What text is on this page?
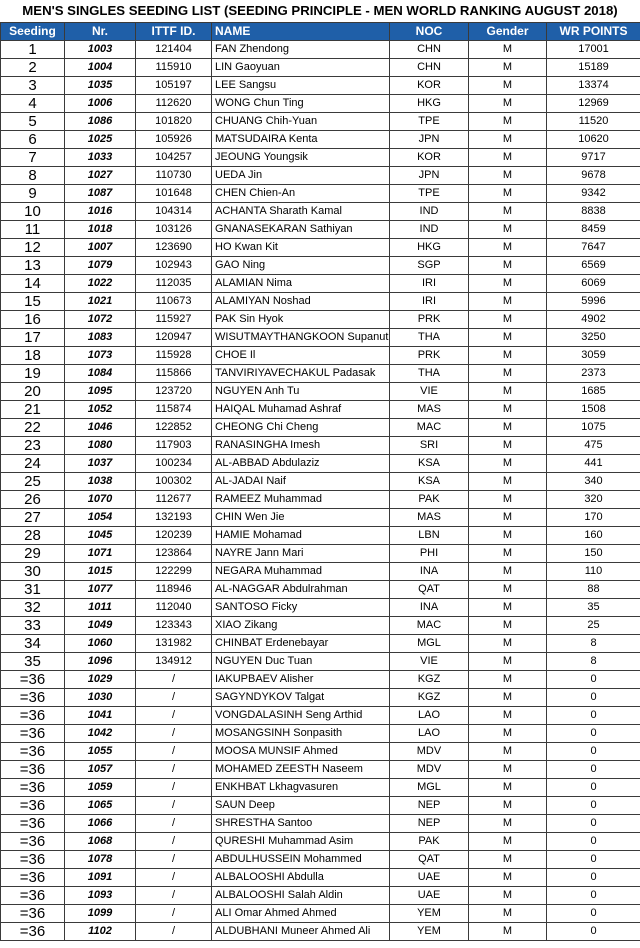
MEN'S SINGLES SEEDING LIST (SEEDING PRINCIPLE - MEN WORLD RANKING AUGUST 2018)
Seeding	Nr.	ITTF ID.	NAME	NOC	Gender	WR POINTS
1	1003	121404	FAN Zhendong	CHN	M	17001
2	1004	115910	LIN Gaoyuan	CHN	M	15189
3	1035	105197	LEE Sangsu	KOR	M	13374
4	1006	112620	WONG Chun Ting	HKG	M	12969
5	1086	101820	CHUANG Chih-Yuan	TPE	M	11520
6	1025	105926	MATSUDAIRA Kenta	JPN	M	10620
7	1033	104257	JEOUNG Youngsik	KOR	M	9717
8	1027	110730	UEDA Jin	JPN	M	9678
9	1087	101648	CHEN Chien-An	TPE	M	9342
10	1016	104314	ACHANTA Sharath Kamal	IND	M	8838
11	1018	103126	GNANASEKARAN Sathiyan	IND	M	8459
12	1007	123690	HO Kwan Kit	HKG	M	7647
13	1079	102943	GAO Ning	SGP	M	6569
14	1022	112035	ALAMIAN Nima	IRI	M	6069
15	1021	110673	ALAMIYAN Noshad	IRI	M	5996
16	1072	115927	PAK Sin Hyok	PRK	M	4902
17	1083	120947	WISUTMAYTHANGKOON Supanut	THA	M	3250
18	1073	115928	CHOE Il	PRK	M	3059
19	1084	115866	TANVIRIYAVECHAKUL Padasak	THA	M	2373
20	1095	123720	NGUYEN Anh Tu	VIE	M	1685
21	1052	115874	HAIQAL Muhamad Ashraf	MAS	M	1508
22	1046	122852	CHEONG Chi Cheng	MAC	M	1075
23	1080	117903	RANASINGHA Imesh	SRI	M	475
24	1037	100234	AL-ABBAD Abdulaziz	KSA	M	441
25	1038	100302	AL-JADAI Naif	KSA	M	340
26	1070	112677	RAMEEZ Muhammad	PAK	M	320
27	1054	132193	CHIN Wen Jie	MAS	M	170
28	1045	120239	HAMIE Mohamad	LBN	M	160
29	1071	123864	NAYRE Jann Mari	PHI	M	150
30	1015	122299	NEGARA Muhammad	INA	M	110
31	1077	118946	AL-NAGGAR Abdulrahman	QAT	M	88
32	1011	112040	SANTOSO Ficky	INA	M	35
33	1049	123343	XIAO Zikang	MAC	M	25
34	1060	131982	CHINBAT Erdenebayar	MGL	M	8
35	1096	134912	NGUYEN Duc Tuan	VIE	M	8
=36	1029	/	IAKUPBAEV Alisher	KGZ	M	0
=36	1030	/	SAGYNDYKOV Talgat	KGZ	M	0
=36	1041	/	VONGDALASINH Seng Arthid	LAO	M	0
=36	1042	/	MOSANGSINH Sonpasith	LAO	M	0
=36	1055	/	MOOSA MUNSIF Ahmed	MDV	M	0
=36	1057	/	MOHAMED ZEESTH Naseem	MDV	M	0
=36	1059	/	ENKHBAT Lkhagvasuren	MGL	M	0
=36	1065	/	SAUN Deep	NEP	M	0
=36	1066	/	SHRESTHA Santoo	NEP	M	0
=36	1068	/	QURESHI Muhammad Asim	PAK	M	0
=36	1078	/	ABDULHUSSEIN Mohammed	QAT	M	0
=36	1091	/	ALBALOOSHI Abdulla	UAE	M	0
=36	1093	/	ALBALOOSHI Salah Aldin	UAE	M	0
=36	1099	/	ALI Omar Ahmed Ahmed	YEM	M	0
=36	1102	/	ALDUBHANI Muneer Ahmed Ali	YEM	M	0
